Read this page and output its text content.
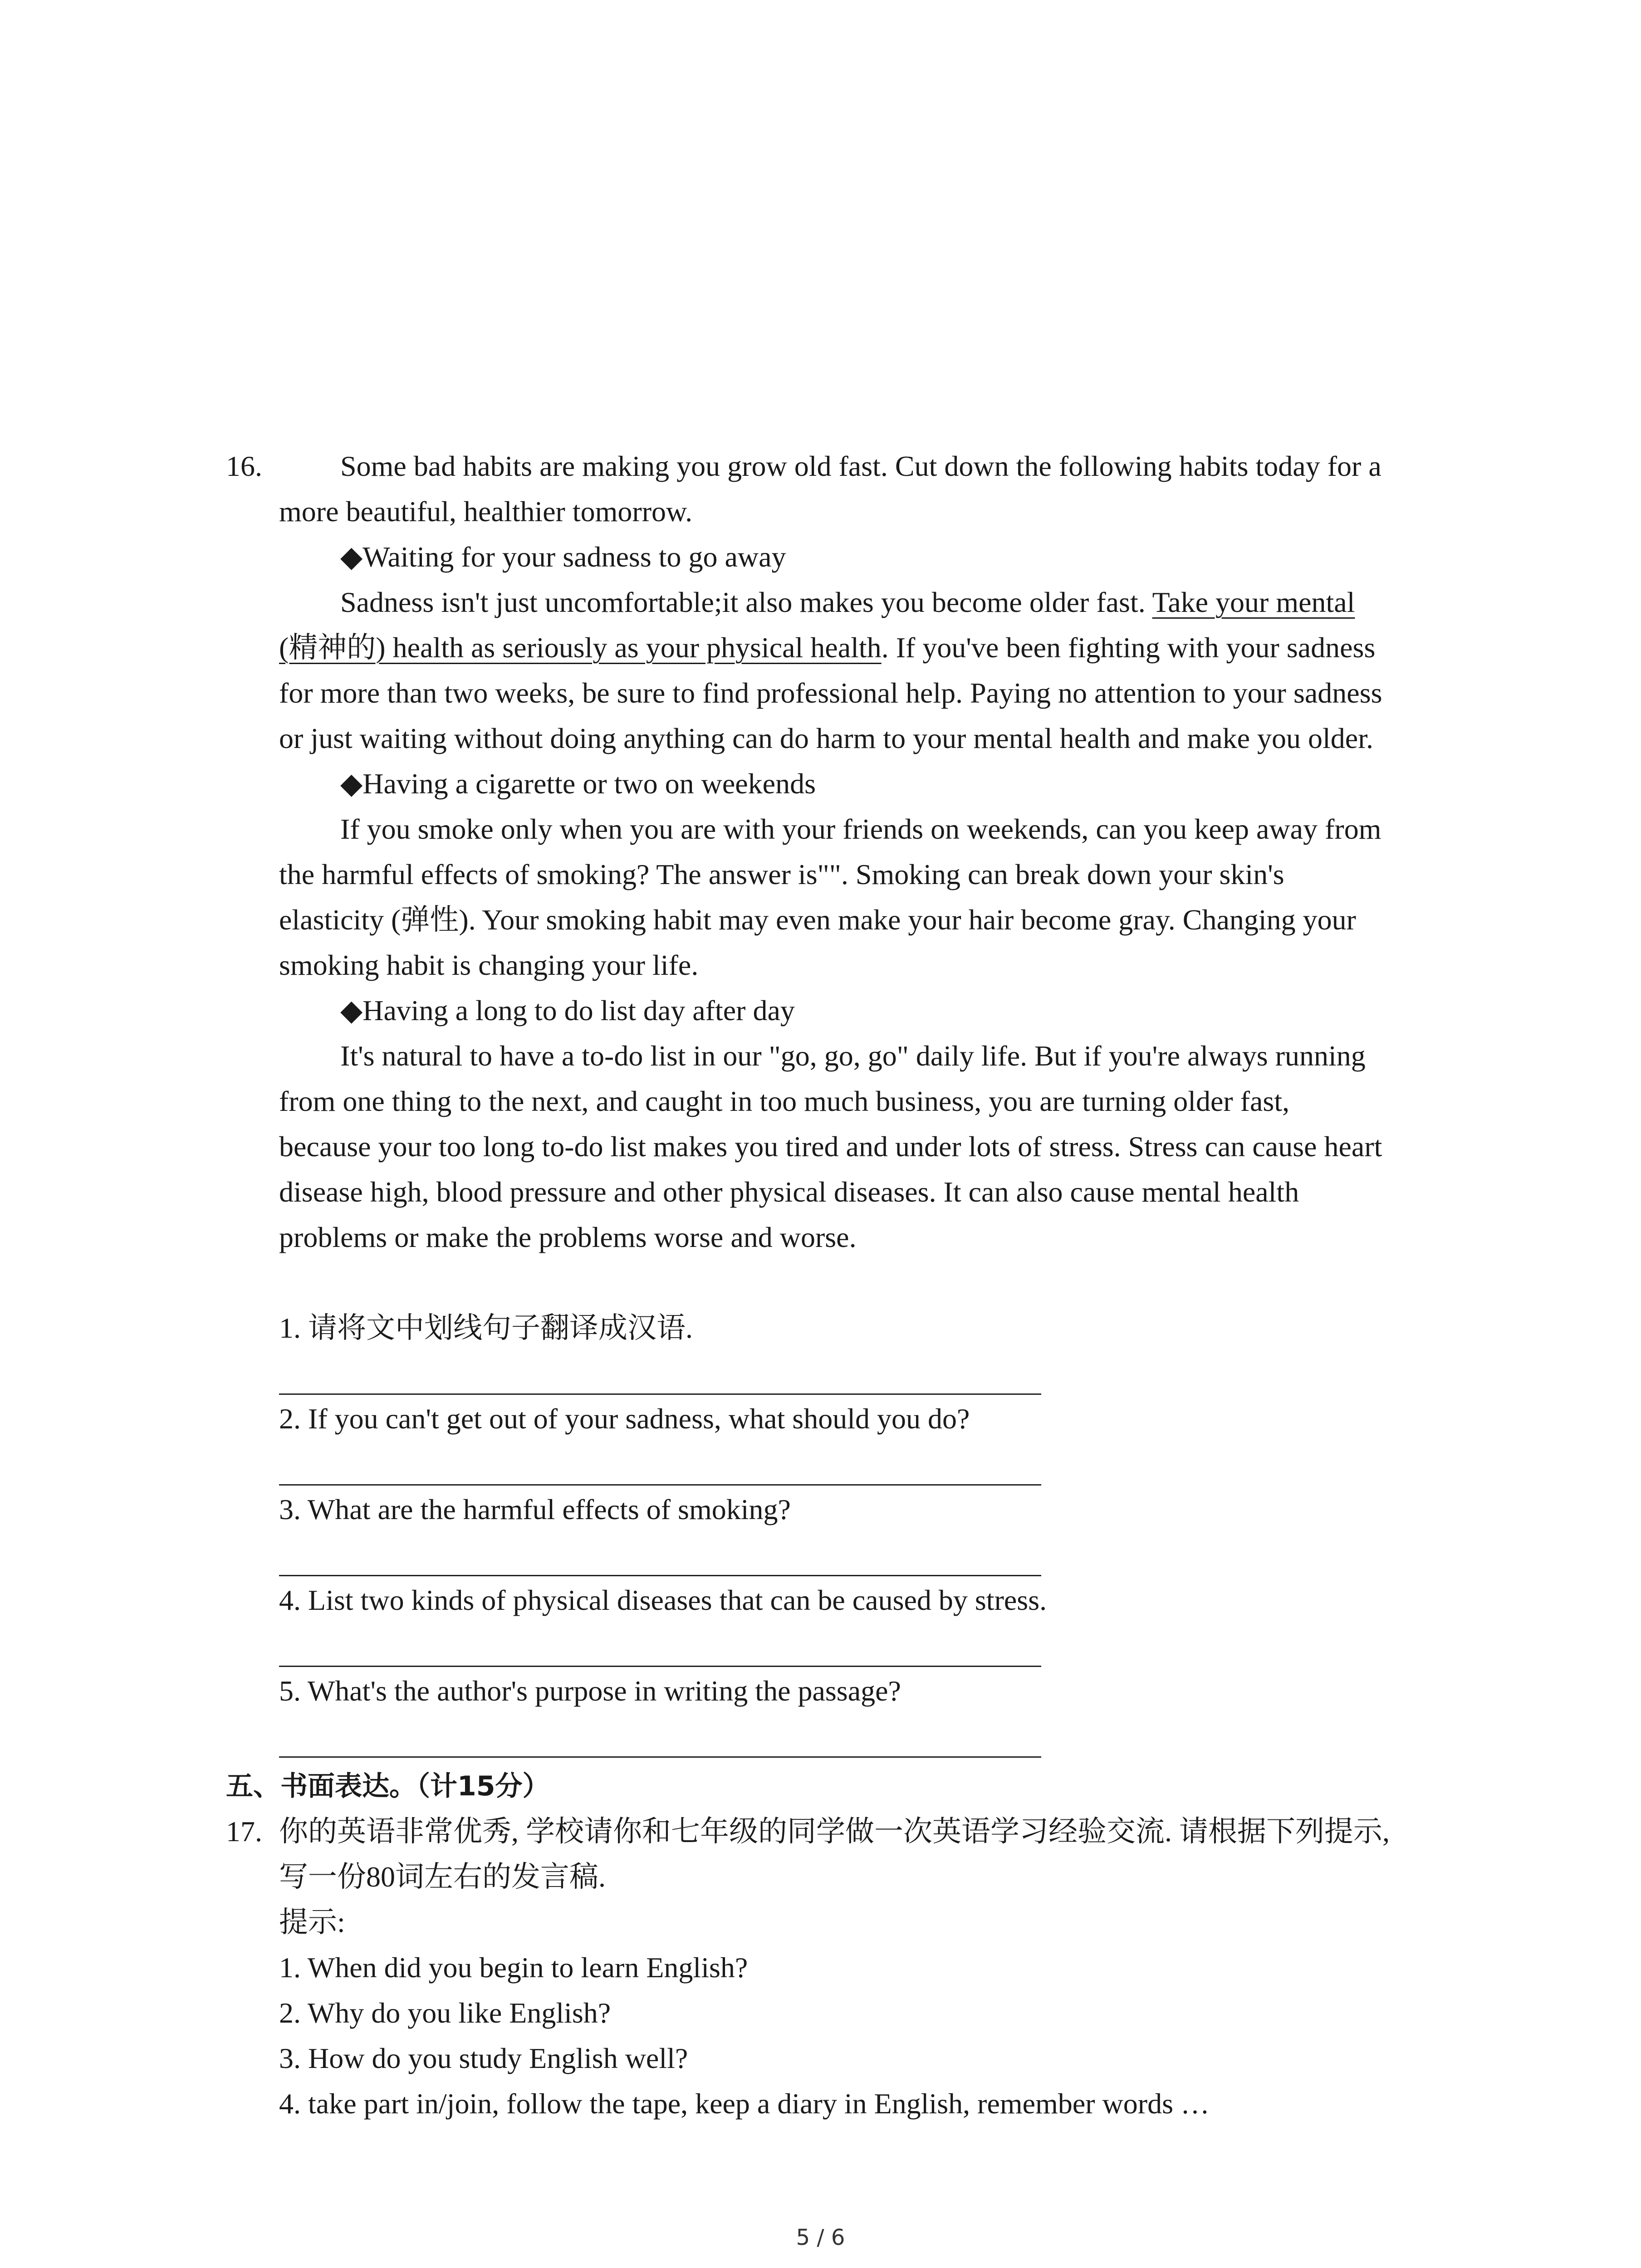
16.	Some bad habits are making you grow old fast. Cut down the following habits today for a
more beautiful, healthier tomorrow.
◆Waiting for your sadness to go away
Sadness isn't just uncomfortable;it also makes you become older fast. Take your mental
(精神的) health as seriously as your physical health. If you've been fighting with your sadness
for more than two weeks, be sure to find professional help. Paying no attention to your sadness
or just waiting without doing anything can do harm to your mental health and make you older.
◆Having a cigarette or two on weekends
If you smoke only when you are with your friends on weekends, can you keep away from
the harmful effects of smoking? The answer is"". Smoking can break down your skin's
elasticity (弹性). Your smoking habit may even make your hair become gray. Changing your
smoking habit is changing your life.
◆Having a long to do list day after day
It's natural to have a to-do list in our "go, go, go" daily life. But if you're always running
from one thing to the next, and caught in too much business, you are turning older fast,
because your too long to-do list makes you tired and under lots of stress. Stress can cause heart
disease high, blood pressure and other physical diseases. It can also cause mental health
problems or make the problems worse and worse.
1. 请将文中划线句子翻译成汉语.
2. If you can't get out of your sadness, what should you do?
3. What are the harmful effects of smoking?
4. List two kinds of physical diseases that can be caused by stress.
5. What's the author's purpose in writing the passage?
五、书面表达。（计15分）
17. 你的英语非常优秀, 学校请你和七年级的同学做一次英语学习经验交流. 请根据下列提示,
写一份80词左右的发言稿.
提示:
1. When did you begin to learn English?
2. Why do you like English?
3. How do you study English well?
4. take part in/join, follow the tape, keep a diary in English, remember words …
5 / 6
